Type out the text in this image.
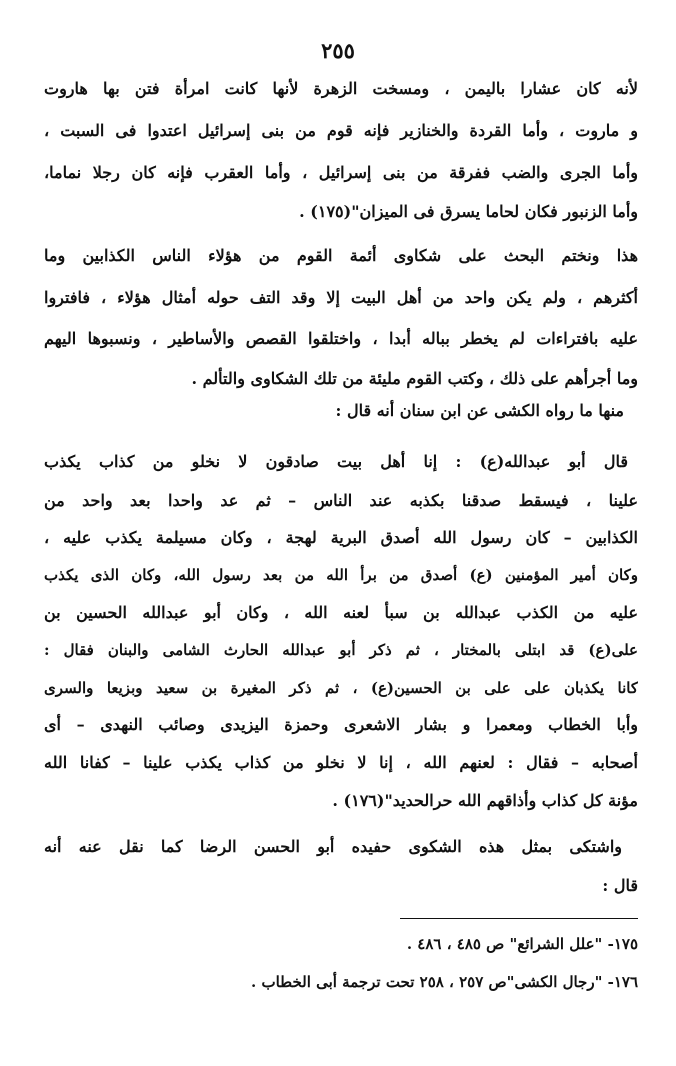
٢٥٥
لأنه كان عشارا باليمن ، ومسخت الزهرة لأنها كانت امرأة فتن بها هاروت
و ماروت ، وأما القردة والخنازير فإنه قوم من بنى إسرائيل اعتدوا فى السبت ،
وأما الجرى والضب ففرقة من بنى إسرائيل ، وأما العقرب فإنه كان رجلا نماما،
وأما الزنبور فكان لحاما يسرق فى الميزان"(١٧٥) .
هذا ونختم البحث على شكاوى أئمة القوم من هؤلاء الناس الكذابين وما
أكثرهم ، ولم يكن واحد من أهل البيت إلا وقد التف حوله أمثال هؤلاء ، فافتروا
عليه بافتراءات لم يخطر بباله أبدا ، واختلقوا القصص والأساطير ، ونسبوها اليهم
وما أجرأهم على ذلك ، وكتب القوم مليئة من تلك الشكاوى والتألم .
منها ما رواه الكشى عن ابن سنان أنه قال :
قال أبو عبدالله(ع) : إنا أهل بيت صادقون لا نخلو من كذاب يكذب
علينا ، فيسقط صدقنا بكذبه عند الناس – ثم عد واحدا بعد واحد من
الكذابين – كان رسول الله أصدق البرية لهجة ، وكان مسيلمة يكذب عليه ،
وكان أمير المؤمنين (ع) أصدق من برأ الله من بعد رسول الله، وكان الذى يكذب
عليه من الكذب عبدالله بن سبأ لعنه الله ، وكان أبو عبدالله الحسين بن
على(ع) قد ابتلى بالمختار ، ثم ذكر أبو عبدالله الحارث الشامى والبنان فقال :
كانا يكذبان على على بن الحسين(ع) ، ثم ذكر المغيرة بن سعيد وبزيعا والسرى
وأبا الخطاب ومعمرا و بشار الاشعرى وحمزة اليزيدى وصائب النهدى – أى
أصحابه – فقال : لعنهم الله ، إنا لا نخلو من كذاب يكذب علينا – كفانا الله
مؤنة كل كذاب وأذاقهم الله حرالحديد"(١٧٦) .
واشتكى بمثل هذه الشكوى حفيده أبو الحسن الرضا كما نقل عنه أنه
قال :
١٧٥- "علل الشرائع" ص ٤٨٥ ، ٤٨٦ .
١٧٦- "رجال الكشى"ص ٢٥٧ ، ٢٥٨ تحت ترجمة أبى الخطاب .
